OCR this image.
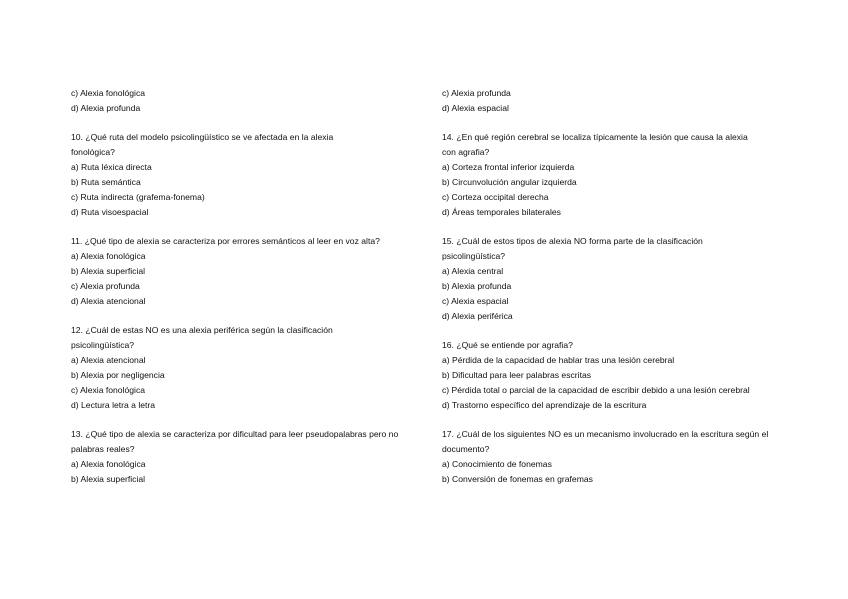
c) Alexia fonológica
d) Alexia profunda
10. ¿Qué ruta del modelo psicolingüístico se ve afectada en la alexia fonológica?
a) Ruta léxica directa
b) Ruta semántica
c) Ruta indirecta (grafema-fonema)
d) Ruta visoespacial
11. ¿Qué tipo de alexia se caracteriza por errores semánticos al leer en voz alta?
a) Alexia fonológica
b) Alexia superficial
c) Alexia profunda
d) Alexia atencional
12. ¿Cuál de estas NO es una alexia periférica según la clasificación psicolingüística?
a) Alexia atencional
b) Alexia por negligencia
c) Alexia fonológica
d) Lectura letra a letra
13. ¿Qué tipo de alexia se caracteriza por dificultad para leer pseudopalabras pero no palabras reales?
a) Alexia fonológica
b) Alexia superficial
c) Alexia profunda
d) Alexia espacial
14. ¿En qué región cerebral se localiza típicamente la lesión que causa la alexia con agrafia?
a) Corteza frontal inferior izquierda
b) Circunvolución angular izquierda
c) Corteza occipital derecha
d) Áreas temporales bilaterales
15. ¿Cuál de estos tipos de alexia NO forma parte de la clasificación psicolingüística?
a) Alexia central
b) Alexia profunda
c) Alexia espacial
d) Alexia periférica
16. ¿Qué se entiende por agrafia?
a) Pérdida de la capacidad de hablar tras una lesión cerebral
b) Dificultad para leer palabras escritas
c) Pérdida total o parcial de la capacidad de escribir debido a una lesión cerebral
d) Trastorno específico del aprendizaje de la escritura
17. ¿Cuál de los siguientes NO es un mecanismo involucrado en la escritura según el documento?
a) Conocimiento de fonemas
b) Conversión de fonemas en grafemas
